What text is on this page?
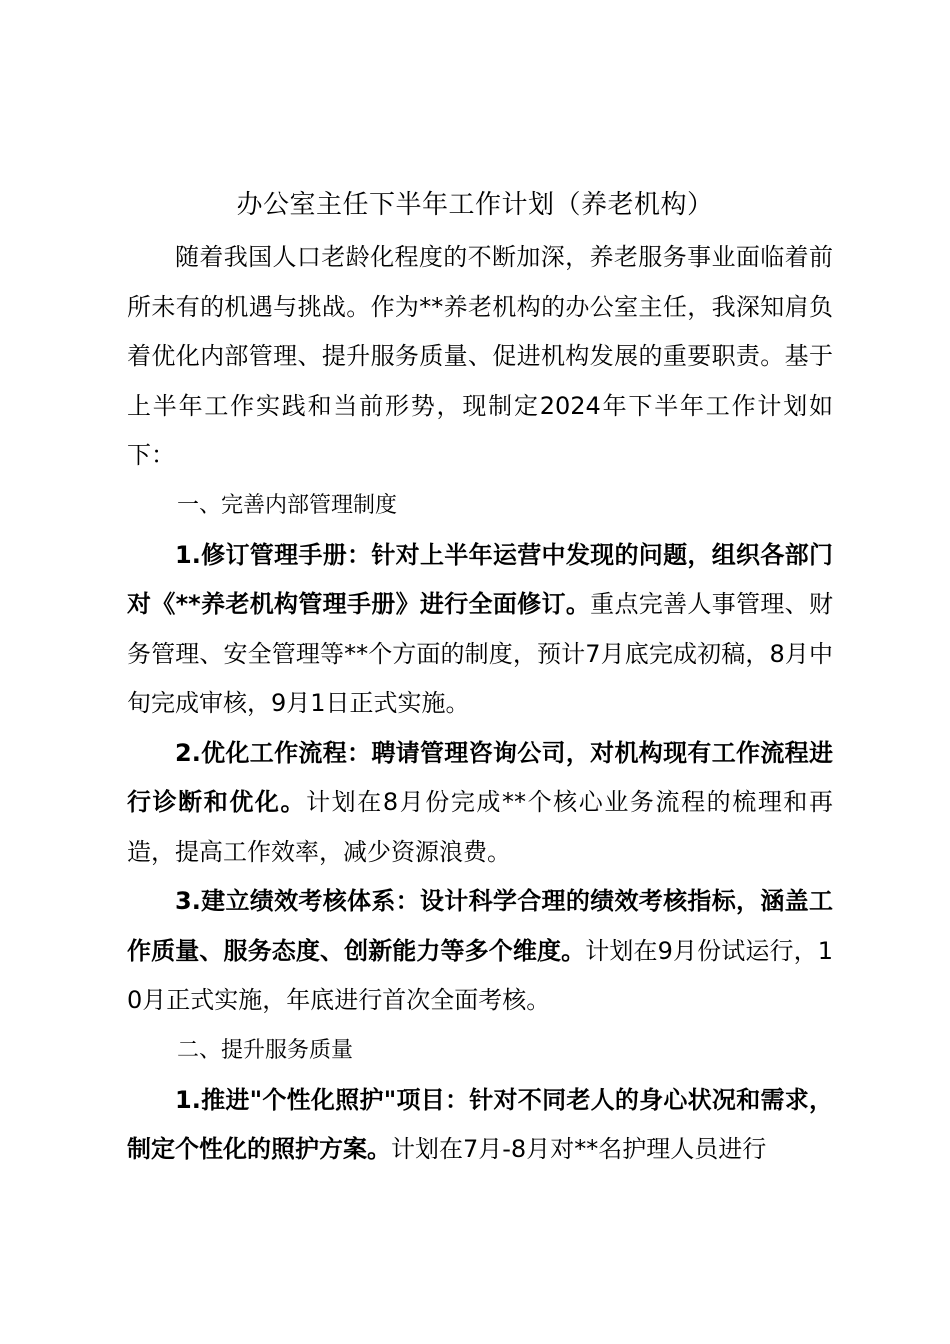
办公室主任下半年工作计划（养老机构）

随着我国人口老龄化程度的不断加深，养老服务事业面临着前所未有的机遇与挑战。作为**养老机构的办公室主任，我深知肩负着优化内部管理、提升服务质量、促进机构发展的重要职责。基于上半年工作实践和当前形势，现制定2024年下半年工作计划如下：

一、完善内部管理制度

1.修订管理手册：针对上半年运营中发现的问题，组织各部门对《**养老机构管理手册》进行全面修订。重点完善人事管理、财务管理、安全管理等**个方面的制度，预计7月底完成初稿，8月中旬完成审核，9月1日正式实施。

2.优化工作流程：聘请管理咨询公司，对机构现有工作流程进行诊断和优化。计划在8月份完成**个核心业务流程的梳理和再造，提高工作效率，减少资源浪费。

3.建立绩效考核体系：设计科学合理的绩效考核指标，涵盖工作质量、服务态度、创新能力等多个维度。计划在9月份试运行，10月正式实施，年底进行首次全面考核。

二、提升服务质量

1.推进"个性化照护"项目：针对不同老人的身心状况和需求，制定个性化的照护方案。计划在7月-8月对**名护理人员进行
